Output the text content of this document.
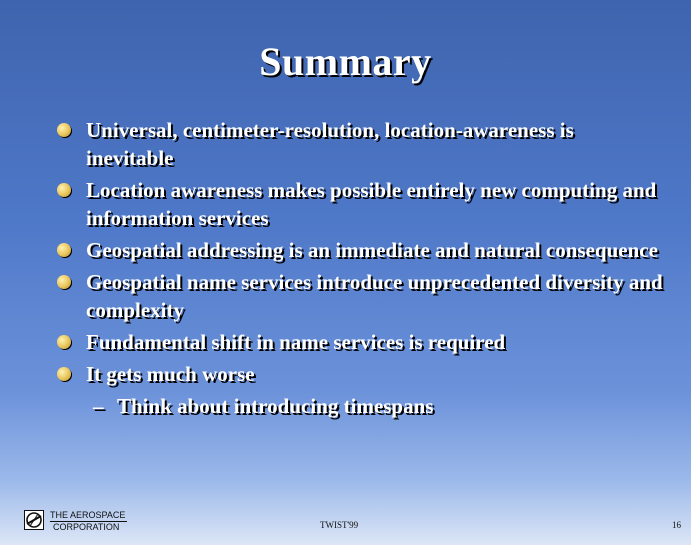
Summary
Universal, centimeter-resolution, location-awareness is inevitable
Location awareness makes possible entirely new computing and information services
Geospatial addressing is an immediate and natural consequence
Geospatial name services introduce unprecedented diversity and complexity
Fundamental shift in name services is required
It gets much worse
– Think about introducing timespans
THE AEROSPACE
CORPORATION	TWIST'99	16
